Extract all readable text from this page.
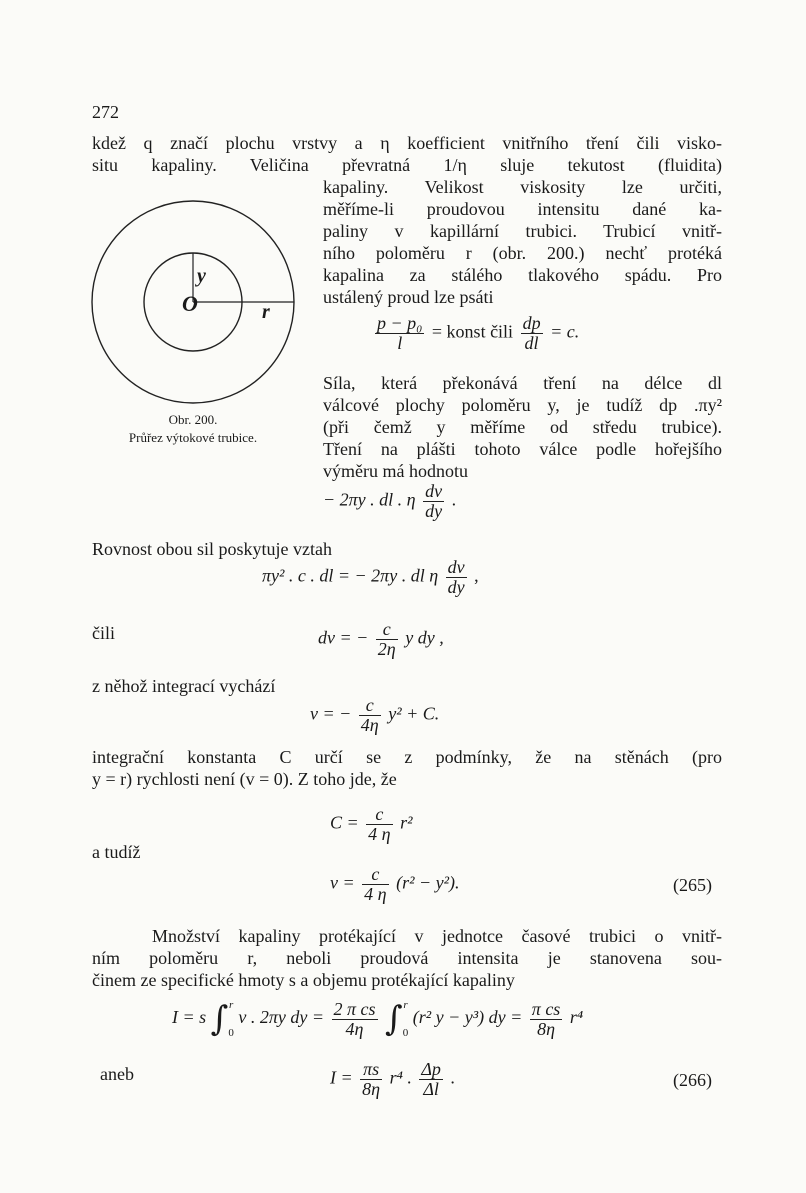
272
kdež q značí plochu vrstvy a η koefficient vnitřního tření čili visko-
situ kapaliny. Veličina převratná 1/η sluje tekutost (fluidita)
kapaliny. Velikost viskosity lze určiti,
měříme-li proudovou intensitu dané ka-
paliny v kapillární trubici. Trubicí vnitř-
ního poloměru r (obr. 200.) nechť protéká
kapalina za stálého tlakového spádu. Pro
ustálený proud lze psáti
y
O	r
Obr. 200.
Průřez výtokové trubice.
$\frac{\text{p − p₀}}{l}$ = konst čili $\frac{dp}{dl} = c$.
Síla, která překonává tření na délce dl
válcové plochy poloměru y, je tudíž dp .πy²
(při čemž y měříme od středu trubice).
Tření na plášti tohoto válce podle hořejšího
výměru má hodnotu
− 2πy . dl . η $\frac{dv}{dy}$ .
Rovnost obou sil poskytuje vztah
πy² . c . dl = − 2πy . dl η $\frac{dv}{dy}$ ,
čili	dv = − $\frac{c}{2\eta}$ y dy ,
z něhož integrací vychází
v = − $\frac{c}{4\eta} y^2 + C$.
integrační konstanta C určí se z podmínky, že na stěnách (pro
y = r) rychlosti není (v = 0). Z toho jde, že
$C = \frac{c}{4 \eta} r^2$
a tudíž
$v = \frac{c}{4 \eta} (r^2 - y^2)$.	(265)
Množství kapaliny protékající v jednotce časové trubici o vnitř-
ním poloměru r, neboli proudová intensita je stanovena sou-
činem ze specifické hmoty s a objemu protékající kapaliny
I = s ∫ r

0
v . 2πy dy = $\frac{\text{2 π cs}}{4\eta}$ ∫ r

0
(r² y − y³) dy = $\frac{\text{π cs}}{8\eta} r^4$
aneb	$I = \frac{\pi s}{8\eta} r^4$ . $\frac{\Delta p}{\Delta l}$ .	(266)
